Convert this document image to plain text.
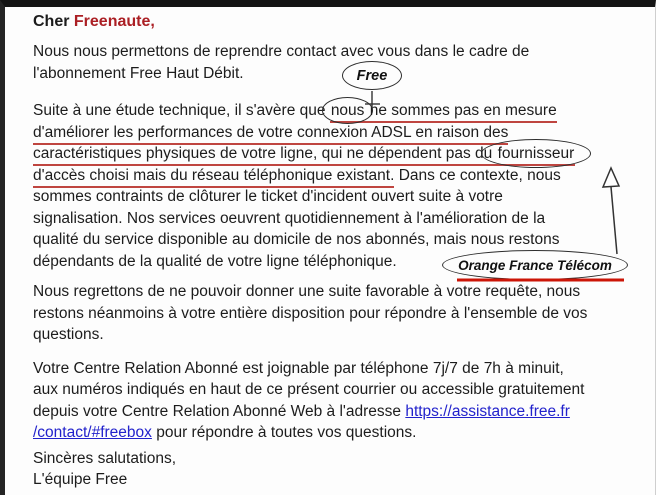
Cher Freenaute,
Nous nous permettons de reprendre contact avec vous dans le cadre de
l'abonnement Free Haut Débit.
Suite à une étude technique, il s'avère que nous ne sommes pas en mesure
d'améliorer les performances de votre connexion ADSL en raison des
caractéristiques physiques de votre ligne, qui ne dépendent pas du fournisseur
d'accès choisi mais du réseau téléphonique existant. Dans ce contexte, nous
sommes contraints de clôturer le ticket d'incident ouvert suite à votre
signalisation. Nos services oeuvrent quotidiennement à l'amélioration de la
qualité du service disponible au domicile de nos abonnés, mais nous restons
dépendants de la qualité de votre ligne téléphonique.
Nous regrettons de ne pouvoir donner une suite favorable à votre requête, nous
restons néanmoins à votre entière disposition pour répondre à l'ensemble de vos
questions.
Votre Centre Relation Abonné est joignable par téléphone 7j/7 de 7h à minuit,
aux numéros indiqués en haut de ce présent courrier ou accessible gratuitement
depuis votre Centre Relation Abonné Web à l'adresse https://assistance.free.fr
/contact/#freebox pour répondre à toutes vos questions.
Sincères salutations,
L'équipe Free
Free
Orange France Télécom
